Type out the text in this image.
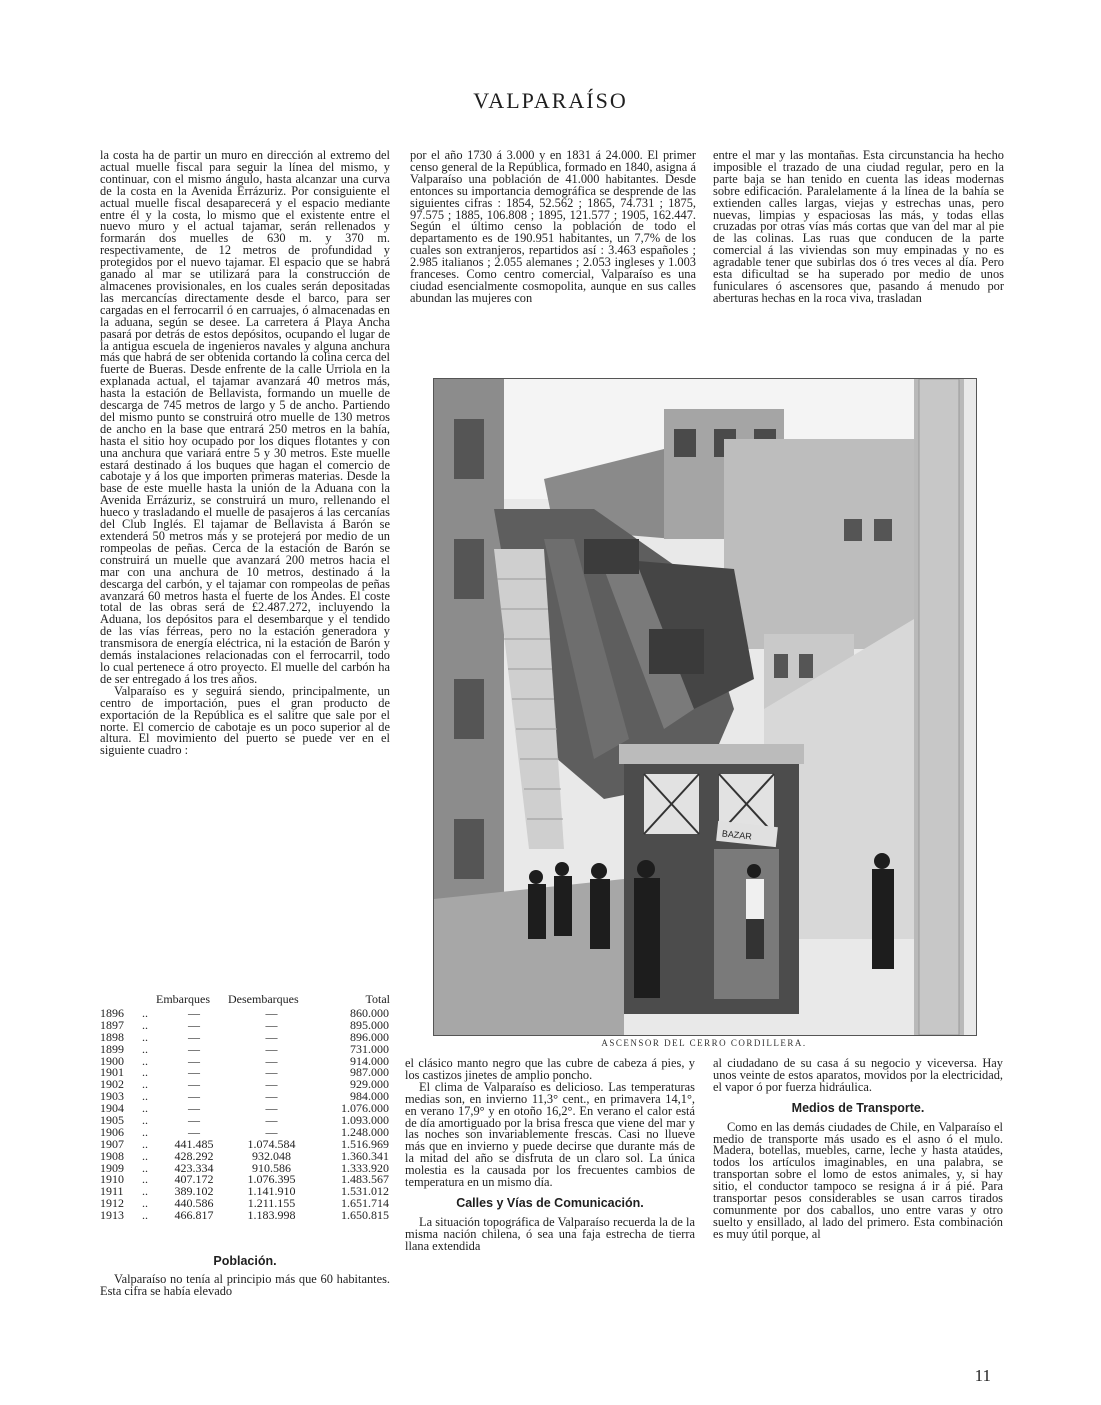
VALPARAÍSO

la costa ha de partir un muro en dirección al extremo del actual muelle fiscal para seguir la línea del mismo, y continuar, con el mismo ángulo, hasta alcanzar una curva de la costa en la Avenida Errázuriz. Por consiguiente el actual muelle fiscal desaparecerá y el espacio mediante entre él y la costa, lo mismo que el existente entre el nuevo muro y el actual tajamar, serán rellenados y formarán dos muelles de 630 m. y 370 m. respectivamente, de 12 metros de profundidad y protegidos por el nuevo tajamar. El espacio que se habrá ganado al mar se utilizará para la construcción de almacenes provisionales, en los cuales serán depositadas las mercancías directamente desde el barco, para ser cargadas en el ferrocarril ó en carruajes, ó almacenadas en la aduana, según se desee. La carretera á Playa Ancha pasará por detrás de estos depósitos, ocupando el lugar de la antigua escuela de ingenieros navales y alguna anchura más que habrá de ser obtenida cortando la colina cerca del fuerte de Bueras. Desde enfrente de la calle Urriola en la explanada actual, el tajamar avanzará 40 metros más, hasta la estación de Bellavista, formando un muelle de descarga de 745 metros de largo y 5 de ancho. Partiendo del mismo punto se construirá otro muelle de 130 metros de ancho en la base que entrará 250 metros en la bahía, hasta el sitio hoy ocupado por los diques flotantes y con una anchura que variará entre 5 y 30 metros. Este muelle estará destinado á los buques que hagan el comercio de cabotaje y á los que importen primeras materias. Desde la base de este muelle hasta la unión de la Aduana con la Avenida Errázuriz, se construirá un muro, rellenando el hueco y trasladando el muelle de pasajeros á las cercanías del Club Inglés. El tajamar de Bellavista á Barón se extenderá 50 metros más y se protejerá por medio de un rompeolas de peñas. Cerca de la estación de Barón se construirá un muelle que avanzará 200 metros hacia el mar con una anchura de 10 metros, destinado á la descarga del carbón, y el tajamar con rompeolas de peñas avanzará 60 metros hasta el fuerte de los Andes. El coste total de las obras será de £2.487.272, incluyendo la Aduana, los depósitos para el desembarque y el tendido de las vías férreas, pero no la estación generadora y transmisora de energía eléctrica, ni la estación de Barón y demás instalaciones relacionadas con el ferrocarril, todo lo cual pertenece á otro proyecto. El muelle del carbón ha de ser entregado á los tres años.

Valparaíso es y seguirá siendo, principalmente, un centro de importación, pues el gran producto de exportación de la República es el salitre que sale por el norte. El comercio de cabotaje es un poco superior al de altura. El movimiento del puerto se puede ver en el siguiente cuadro :

Embarques	Desembarques	Total
1896	..	—	—	860.000
1897	..	—	—	895.000
1898	..	—	—	896.000
1899	..	—	—	731.000
1900	..	—	—	914.000
1901	..	—	—	987.000
1902	..	—	—	929.000
1903	..	—	—	984.000
1904	..	—	—	1.076.000
1905	..	—	—	1.093.000
1906	..	—	—	1.248.000
1907	..	441.485	1.074.584	1.516.969
1908	..	428.292	932.048	1.360.341
1909	..	423.334	910.586	1.333.920
1910	..	407.172	1.076.395	1.483.567
1911	..	389.102	1.141.910	1.531.012
1912	..	440.586	1.211.155	1.651.714
1913	..	466.817	1.183.998	1.650.815
Población.

Valparaíso no tenía al principio más que 60 habitantes. Esta cifra se había elevado

por el año 1730 á 3.000 y en 1831 á 24.000. El primer censo general de la República, formado en 1840, asigna á Valparaíso una población de 41.000 habitantes. Desde entonces su importancia demográfica se desprende de las siguientes cifras : 1854, 52.562 ; 1865, 74.731 ; 1875, 97.575 ; 1885, 106.808 ; 1895, 121.577 ; 1905, 162.447. Según el último censo la población de todo el departamento es de 190.951 habitantes, un 7,7% de los cuales son extranjeros, repartidos así : 3.463 españoles ; 2.985 italianos ; 2.055 alemanes ; 2.053 ingleses y 1.003 franceses. Como centro comercial, Valparaíso es una ciudad esencialmente cosmopolita, aunque en sus calles abundan las mujeres con

entre el mar y las montañas. Esta circunstancia ha hecho imposible el trazado de una ciudad regular, pero en la parte baja se han tenido en cuenta las ideas modernas sobre edificación. Paralelamente á la línea de la bahía se extienden calles largas, viejas y estrechas unas, pero nuevas, limpias y espaciosas las más, y todas ellas cruzadas por otras vías más cortas que van del mar al pie de las colinas. Las ruas que conducen de la parte comercial á las viviendas son muy empinadas y no es agradable tener que subirlas dos ó tres veces al día. Pero esta dificultad se ha superado por medio de unos funiculares ó ascensores que, pasando á menudo por aberturas hechas en la roca viva, trasladan

BAZAR
ASCENSOR DEL CERRO CORDILLERA.

el clásico manto negro que las cubre de cabeza á pies, y los castizos jinetes de amplio poncho.

El clima de Valparaíso es delicioso. Las temperaturas medias son, en invierno 11,3° cent., en primavera 14,1°, en verano 17,9° y en otoño 16,2°. En verano el calor está de día amortiguado por la brisa fresca que viene del mar y las noches son invariablemente frescas. Casi no llueve más que en invierno y puede decirse que durante más de la mitad del año se disfruta de un claro sol. La única molestia es la causada por los frecuentes cambios de temperatura en un mismo día.

Calles y Vías de Comunicación.

La situación topográfica de Valparaíso recuerda la de la misma nación chilena, ó sea una faja estrecha de tierra llana extendida

al ciudadano de su casa á su negocio y viceversa. Hay unos veinte de estos aparatos, movidos por la electricidad, el vapor ó por fuerza hidráulica.

Medios de Transporte.

Como en las demás ciudades de Chile, en Valparaíso el medio de transporte más usado es el asno ó el mulo. Madera, botellas, muebles, carne, leche y hasta ataúdes, todos los artículos imaginables, en una palabra, se transportan sobre el lomo de estos animales, y, si hay sitio, el conductor tampoco se resigna á ir á pié. Para transportar pesos considerables se usan carros tirados comunmente por dos caballos, uno entre varas y otro suelto y ensillado, al lado del primero. Esta combinación es muy útil porque, al

11
